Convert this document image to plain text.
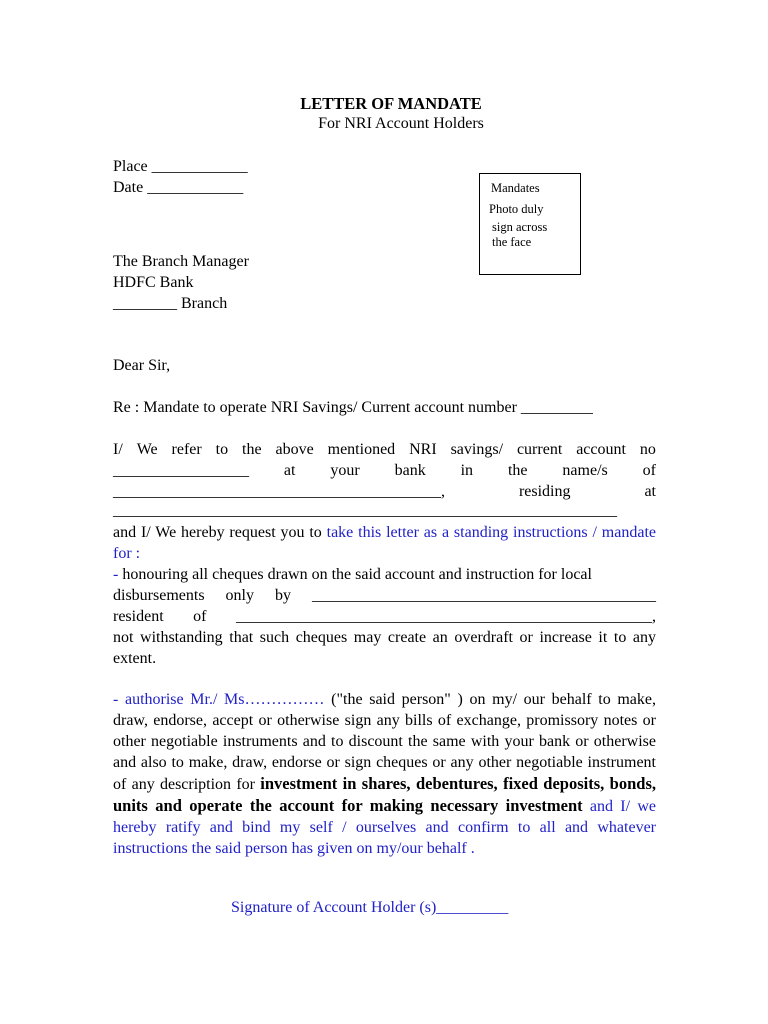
LETTER OF MANDATE
For NRI Account Holders
Place ____________
Date ____________	Mandates
Photo duly
sign across
the face
The Branch Manager
HDFC Bank
________ Branch
Dear Sir,
Re : Mandate to operate NRI Savings/ Current account number _________
I/ We refer to the above mentioned NRI savings/ current account no
_________________ at your bank in the name/s of
_________________________________________,	residing	at
_______________________________________________________________
and I/ We hereby request you to take this letter as a standing instructions / mandate for :
- honouring all cheques drawn on the said account and instruction for local
disbursements only by ___________________________________________
resident of ____________________________________________________,
not withstanding that such cheques may create an overdraft or increase it to any extent.
- authorise Mr./ Ms…………… ("the said person" ) on my/ our behalf to make, draw, endorse, accept or otherwise sign any bills of exchange, promissory notes or other negotiable instruments and to discount the same with your bank or otherwise and also to make, draw, endorse or sign cheques or any other negotiable instrument of any description for investment in shares, debentures, fixed deposits, bonds, units and operate the account for making necessary investment and I/ we hereby ratify and bind my self / ourselves and confirm to all and whatever instructions the said person has given on my/our behalf .
Signature of Account Holder (s)_________
